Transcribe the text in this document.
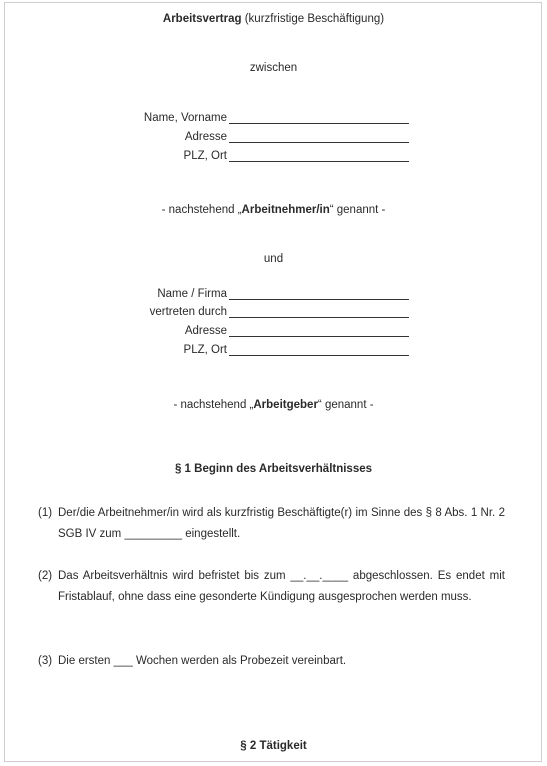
Arbeitsvertrag (kurzfristige Beschäftigung)
zwischen
Name, Vorname
Adresse
PLZ, Ort
- nachstehend „Arbeitnehmer/in“ genannt -
und
Name / Firma
vertreten durch
Adresse
PLZ, Ort
- nachstehend „Arbeitgeber“ genannt -
§ 1 Beginn des Arbeitsverhältnisses
(1) Der/die Arbeitnehmer/in wird als kurzfristig Beschäftigte(r) im Sinne des § 8 Abs. 1 Nr. 2 SGB IV zum _________ eingestellt.
(2) Das Arbeitsverhältnis wird befristet bis zum __.__.____ abgeschlossen. Es endet mit Fristablauf, ohne dass eine gesonderte Kündigung ausgesprochen werden muss.
(3) Die ersten ___ Wochen werden als Probezeit vereinbart.
§ 2 Tätigkeit
